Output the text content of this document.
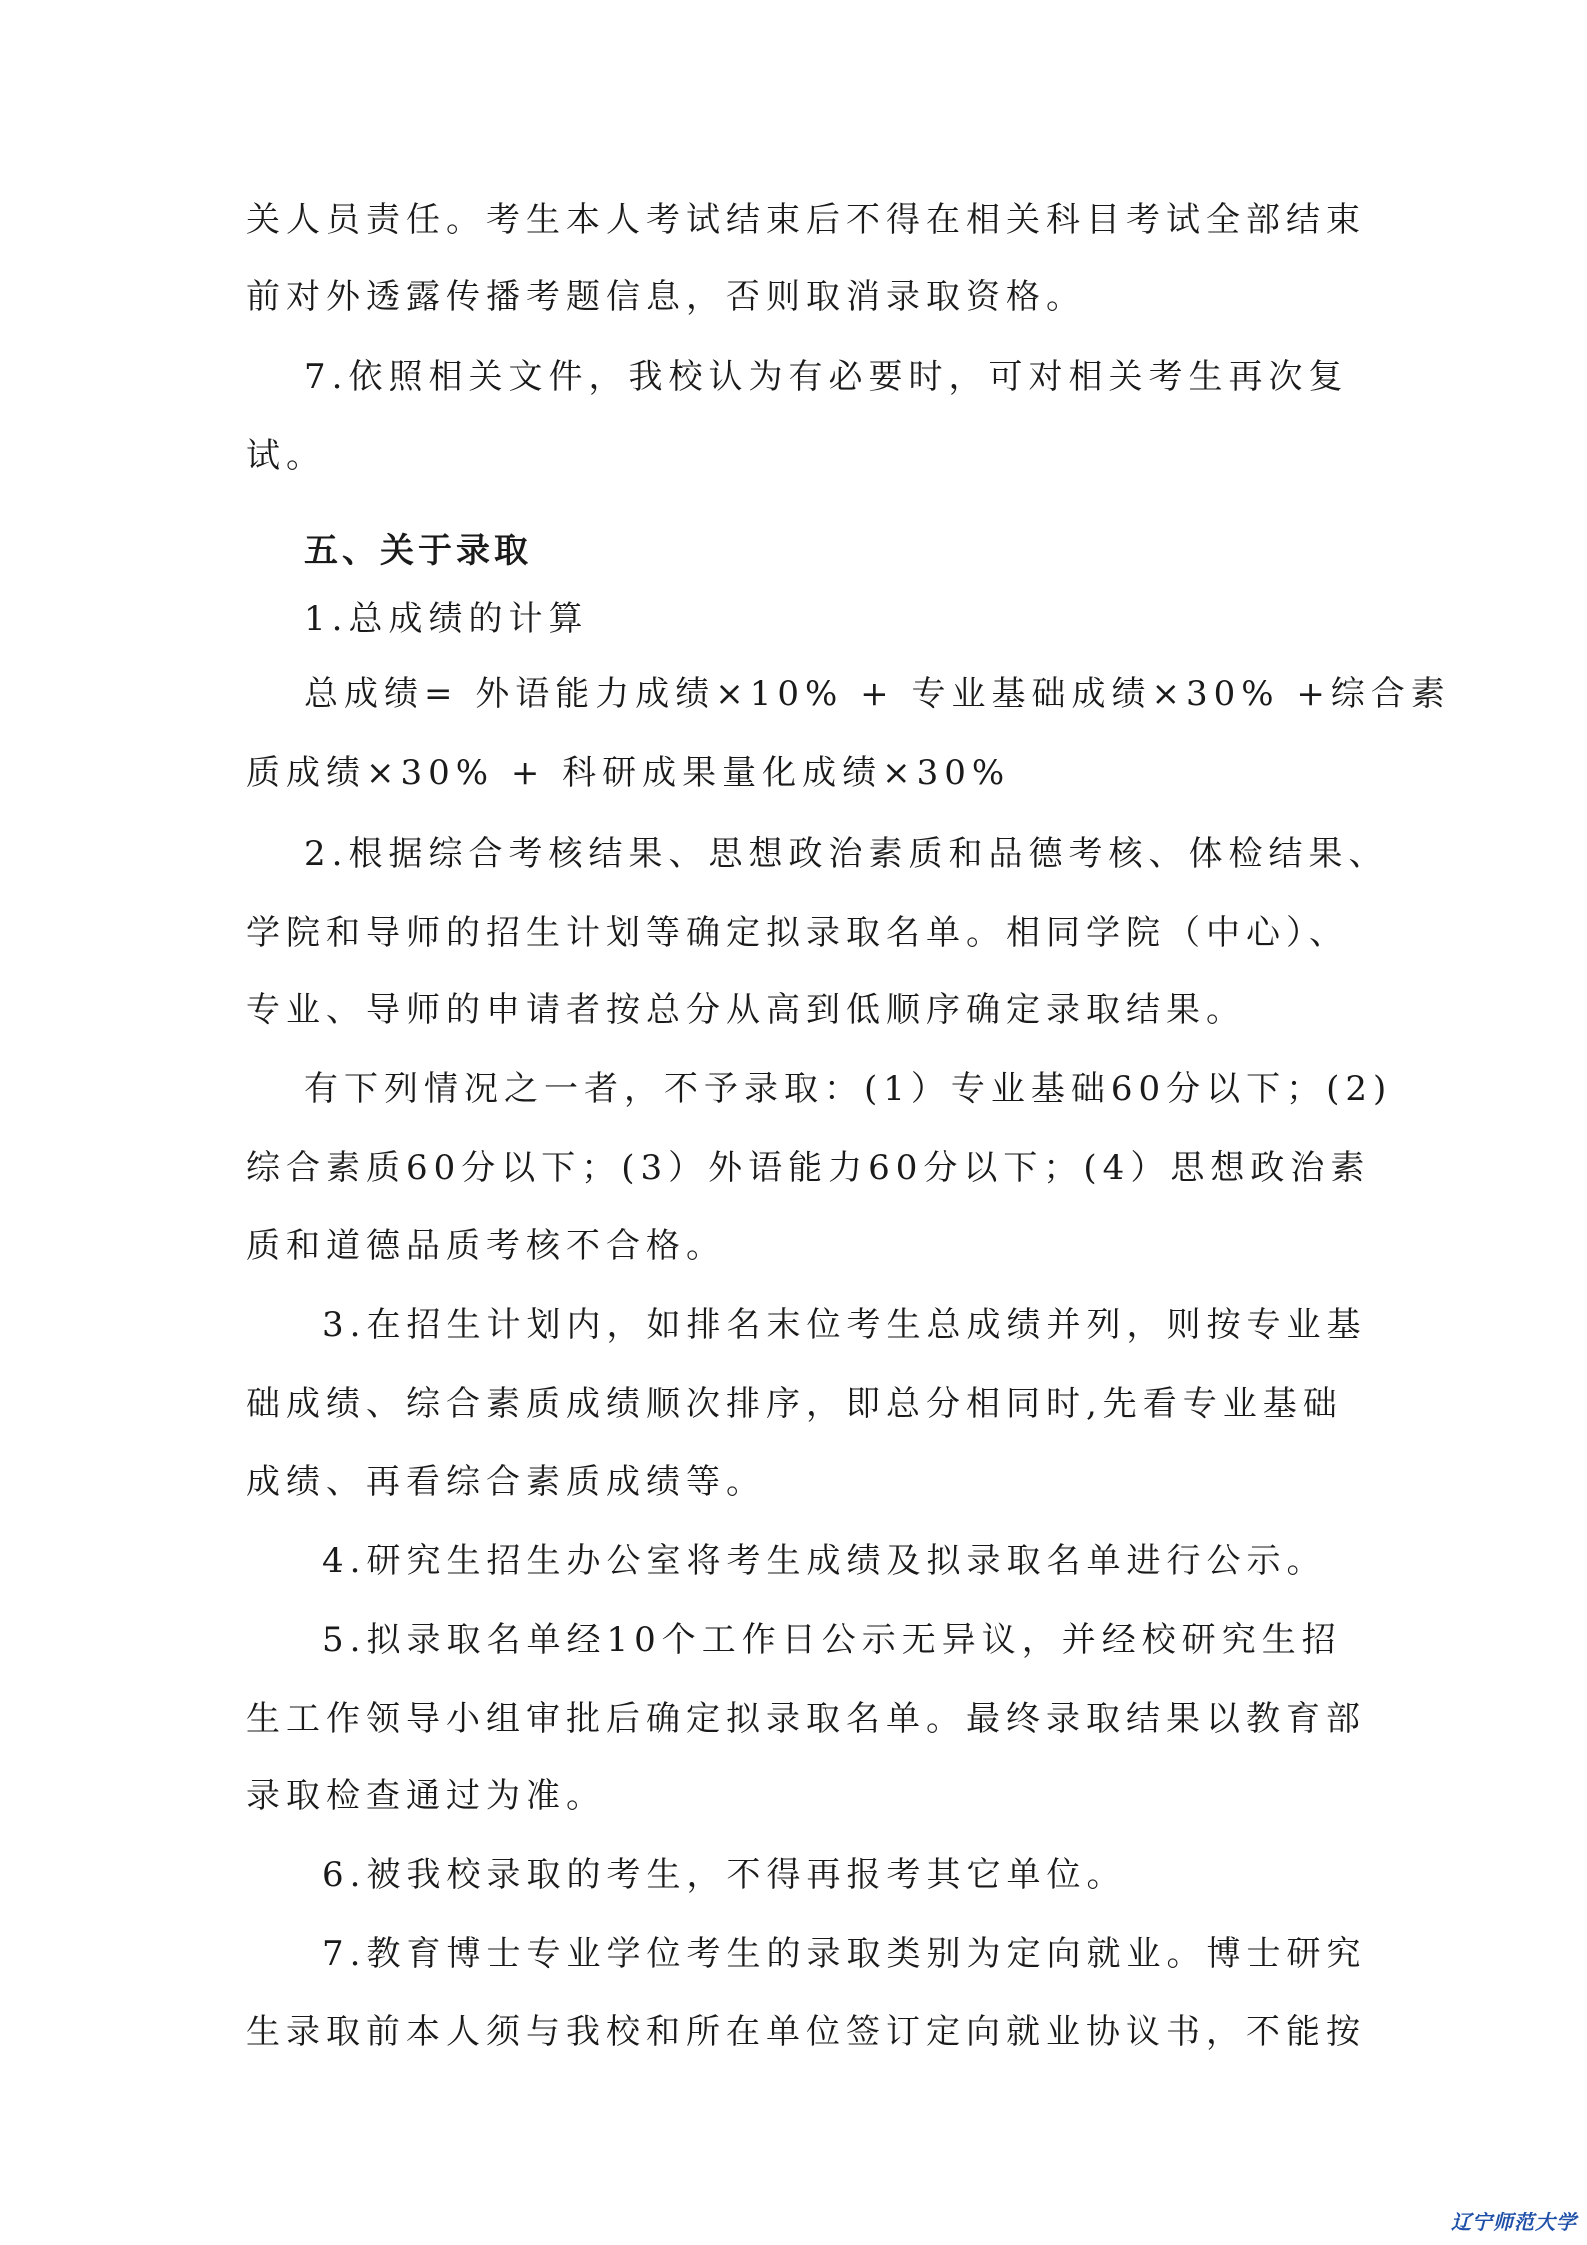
关人员责任。考生本人考试结束后不得在相关科目考试全部结束
前对外透露传播考题信息，否则取消录取资格。
7.依照相关文件，我校认为有必要时，可对相关考生再次复
试。
五、关于录取
1.总成绩的计算
总成绩= 外语能力成绩×10% + 专业基础成绩×30% +综合素
质成绩×30% + 科研成果量化成绩×30%
2.根据综合考核结果、思想政治素质和品德考核、体检结果、
学院和导师的招生计划等确定拟录取名单。相同学院（中心）、
专业、导师的申请者按总分从高到低顺序确定录取结果。
有下列情况之一者，不予录取：(1）专业基础60分以下；(2)
综合素质60分以下；(3）外语能力60分以下；(4）思想政治素
质和道德品质考核不合格。
3.在招生计划内，如排名末位考生总成绩并列，则按专业基
础成绩、综合素质成绩顺次排序，即总分相同时,先看专业基础
成绩、再看综合素质成绩等。
4.研究生招生办公室将考生成绩及拟录取名单进行公示。
5.拟录取名单经10个工作日公示无异议，并经校研究生招
生工作领导小组审批后确定拟录取名单。最终录取结果以教育部
录取检查通过为准。
6.被我校录取的考生，不得再报考其它单位。
7.教育博士专业学位考生的录取类别为定向就业。博士研究
生录取前本人须与我校和所在单位签订定向就业协议书，不能按
辽宁师范大学
